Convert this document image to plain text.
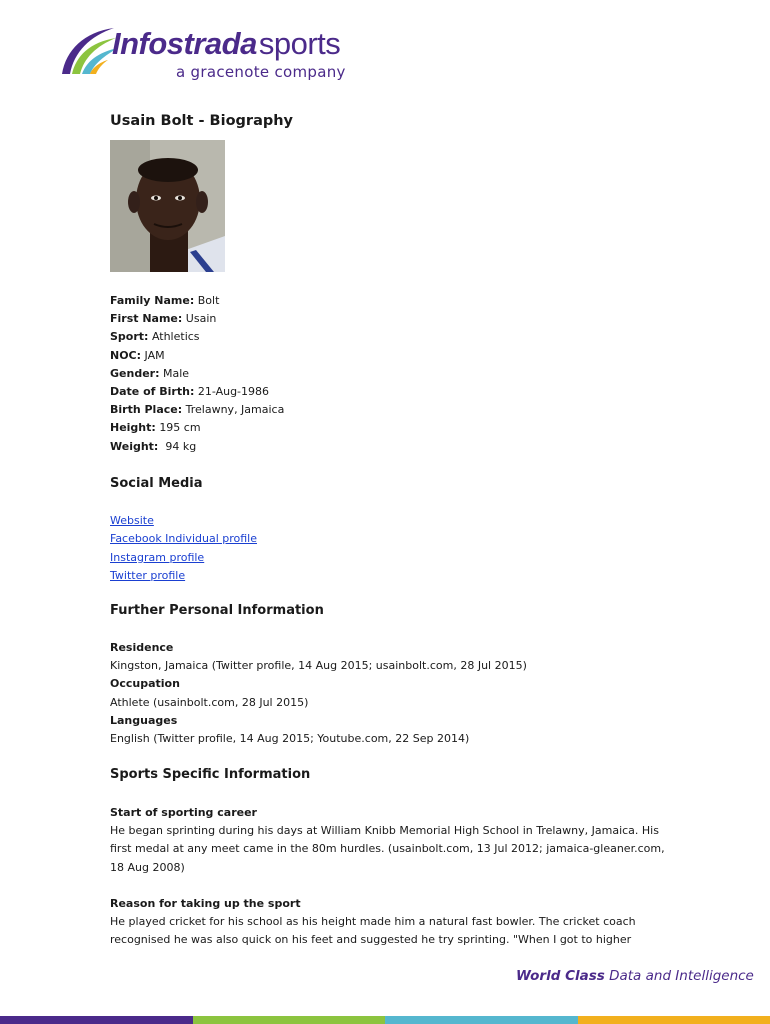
Infostradasports
a gracenote company
Usain Bolt - Biography
Family Name: Bolt
First Name: Usain
Sport: Athletics
NOC: JAM
Gender: Male
Date of Birth: 21-Aug-1986
Birth Place: Trelawny, Jamaica
Height: 195 cm
Weight:  94 kg
Social Media
Website
Facebook Individual profile
Instagram profile
Twitter profile
Further Personal Information
Residence
Kingston, Jamaica (Twitter profile, 14 Aug 2015; usainbolt.com, 28 Jul 2015)
Occupation
Athlete (usainbolt.com, 28 Jul 2015)
Languages
English (Twitter profile, 14 Aug 2015; Youtube.com, 22 Sep 2014)
Sports Specific Information
Start of sporting career
He began sprinting during his days at William Knibb Memorial High School in Trelawny, Jamaica. His first medal at any meet came in the 80m hurdles. (usainbolt.com, 13 Jul 2012; jamaica-gleaner.com, 18 Aug 2008)
Reason for taking up the sport
He played cricket for his school as his height made him a natural fast bowler. The cricket coach recognised he was also quick on his feet and suggested he try sprinting. "When I got to higher
World Class Data and Intelligence
